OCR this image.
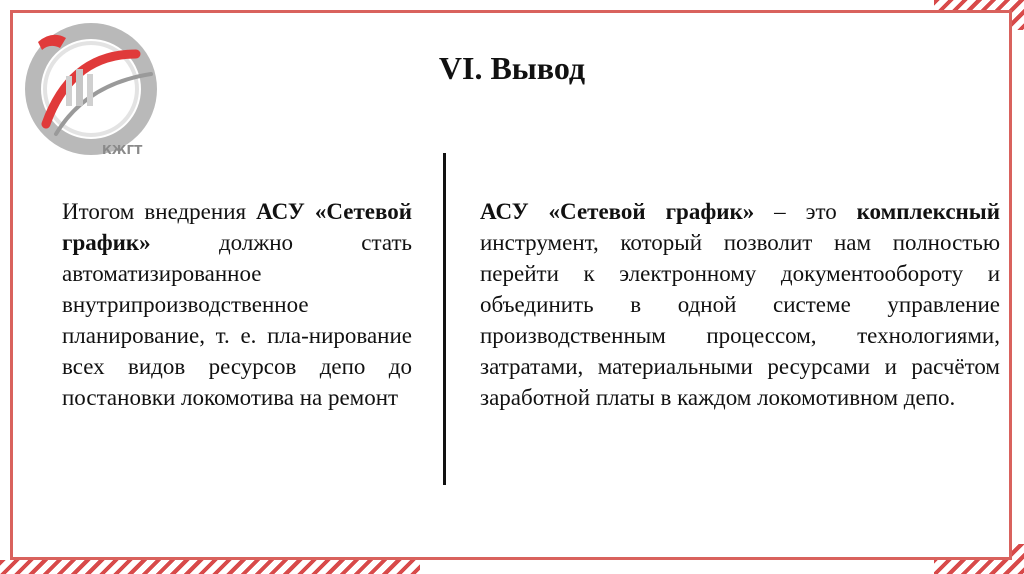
КЖГТ
VI. Вывод
Итогом внедрения АСУ «Сетевой график» должно стать автоматизированное внутрипроизводственное планирование, т. е. пла-нирование всех видов ресурсов депо до постановки локомотива на ремонт
АСУ «Сетевой график» – это комплексный инструмент, который позволит нам полностью перейти к электронному документообороту и объединить в одной системе управление производственным процессом, технологиями, затратами, материальными ресурсами и расчётом заработной платы в каждом локомотивном депо.
